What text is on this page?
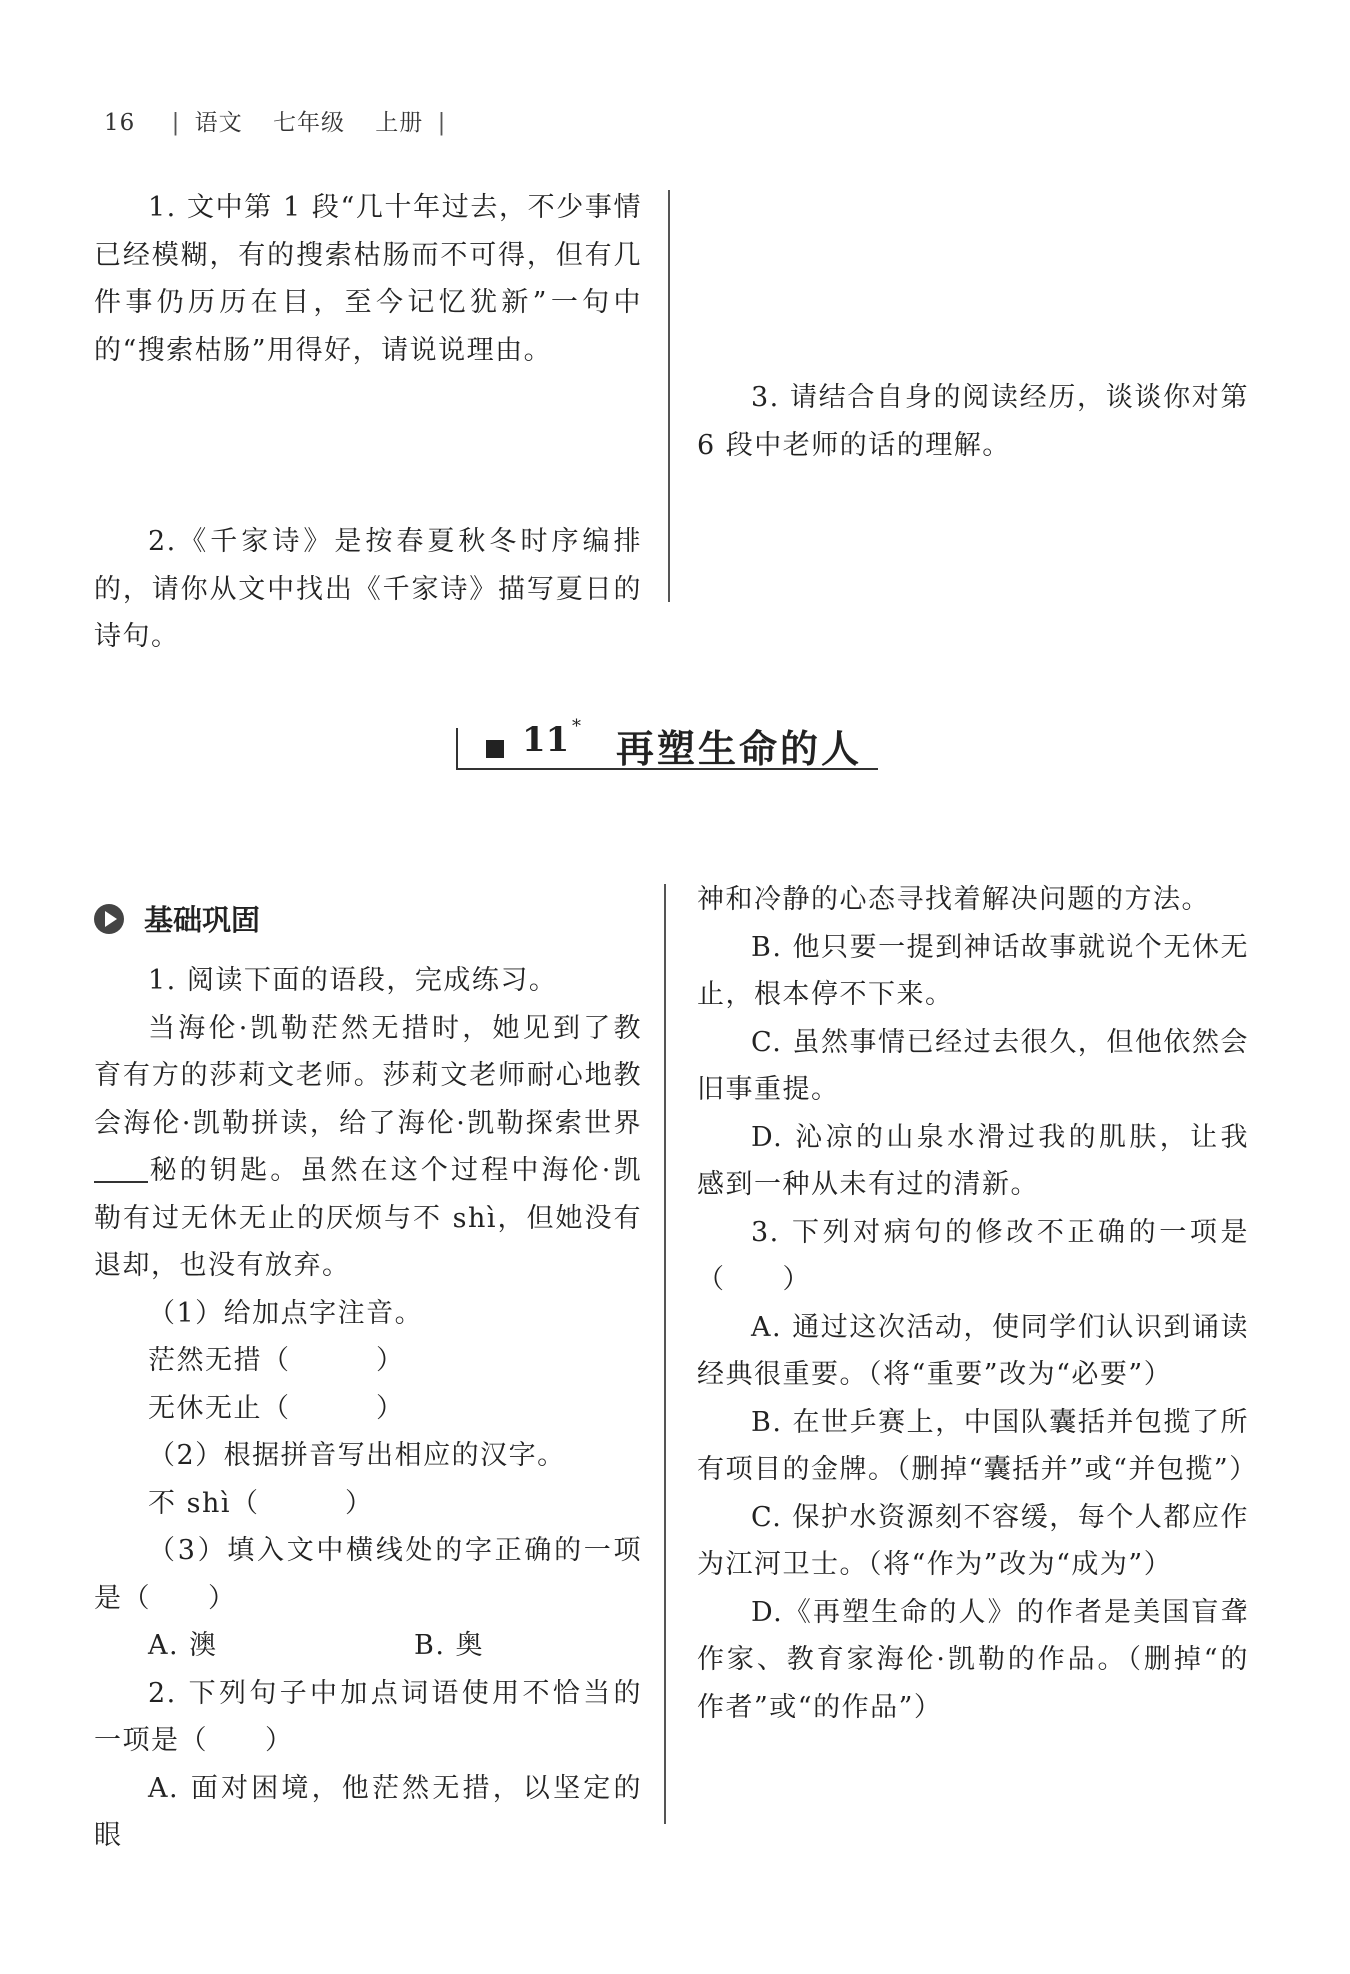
16 | 语文 七年级 上册 |

1. 文中第 1 段“几十年过去，不少事情已经模糊，有的搜索枯肠而不可得，但有几件事仍历历在目，至今记忆犹新”一句中的“搜索枯肠”用得好，请说说理由。

2.《千家诗》是按春夏秋冬时序编排的，请你从文中找出《千家诗》描写夏日的诗句。

3. 请结合自身的阅读经历，谈谈你对第 6 段中老师的话的理解。

11 * 再塑生命的人
基础巩固

1. 阅读下面的语段，完成练习。

当海伦·凯勒茫然无措时，她见到了教育有方的莎莉文老师。莎莉文老师耐心地教会海伦·凯勒拼读，给了海伦·凯勒探索世界秘的钥匙。虽然在这个过程中海伦·凯勒有过无休无止的厌烦与不 shì，但她没有退却，也没有放弃。

（1）给加点字注音。

茫然无措（　　　）

无休无止（　　　）

（2）根据拼音写出相应的汉字。

不 shì（　　　）

（3）填入文中横线处的字正确的一项是（　　）

A. 澳	B. 奥

2. 下列句子中加点词语使用不恰当的一项是（　　）

A. 面对困境，他茫然无措，以坚定的眼

神和冷静的心态寻找着解决问题的方法。

B. 他只要一提到神话故事就说个无休无止，根本停不下来。

C. 虽然事情已经过去很久，但他依然会旧事重提。

D. 沁凉的山泉水滑过我的肌肤，让我感到一种从未有过的清新。

3. 下列对病句的修改不正确的一项是（　　）

A. 通过这次活动，使同学们认识到诵读经典很重要。（将“重要”改为“必要”）

B. 在世乒赛上，中国队囊括并包揽了所有项目的金牌。（删掉“囊括并”或“并包揽”）

C. 保护水资源刻不容缓，每个人都应作为江河卫士。（将“作为”改为“成为”）

D.《再塑生命的人》的作者是美国盲聋作家、教育家海伦·凯勒的作品。（删掉“的作者”或“的作品”）
